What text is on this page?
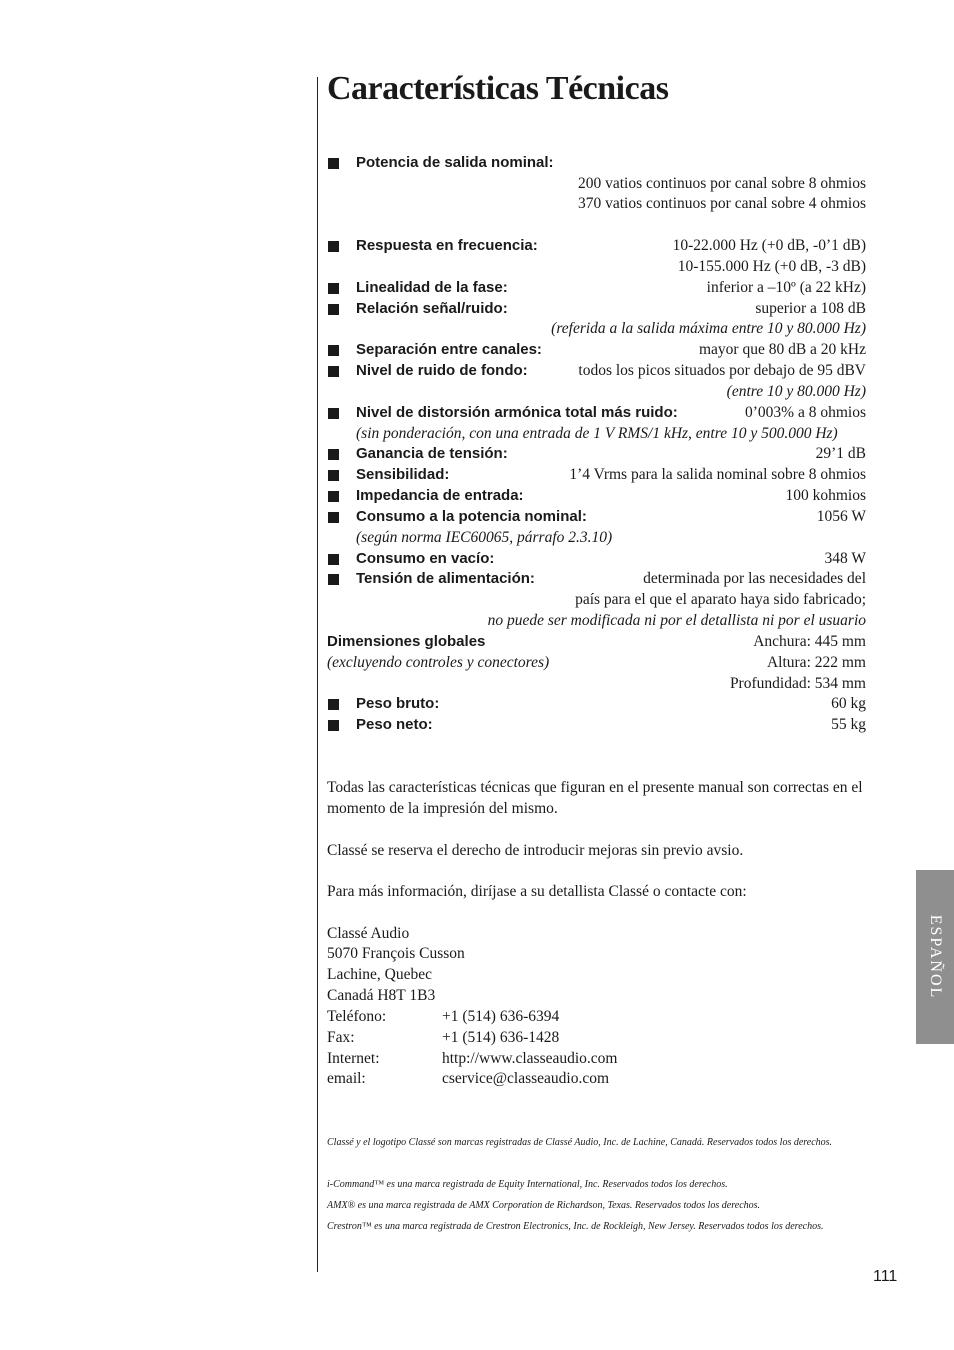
Características Técnicas
Potencia de salida nominal:
200 vatios continuos por canal sobre 8 ohmios
370 vatios continuos por canal sobre 4 ohmios
Respuesta en frecuencia:	10-22.000 Hz (+0 dB, -0’1 dB)
10-155.000 Hz (+0 dB, -3 dB)
Linealidad de la fase:	inferior a –10º (a 22 kHz)
Relación señal/ruido:	superior a 108 dB
(referida a la salida máxima entre 10 y 80.000 Hz)
Separación entre canales:	mayor que 80 dB a 20 kHz
Nivel de ruido de fondo:	todos los picos situados por debajo de 95 dBV
(entre 10 y 80.000 Hz)
Nivel de distorsión armónica total más ruido:	0’003% a 8 ohmios
(sin ponderación, con una entrada de 1 V RMS/1 kHz, entre 10 y 500.000 Hz)
Ganancia de tensión:	29’1 dB
Sensibilidad:	1’4 Vrms para la salida nominal sobre 8 ohmios
Impedancia de entrada:	100 kohmios
Consumo a la potencia nominal:	1056 W
(según norma IEC60065, párrafo 2.3.10)
Consumo en vacío:	348 W
Tensión de alimentación:	determinada por las necesidades del
país para el que el aparato haya sido fabricado;
no puede ser modificada ni por el detallista ni por el usuario
Dimensiones globales	Anchura: 445 mm
(excluyendo controles y conectores)	Altura: 222 mm
Profundidad: 534 mm
Peso bruto:	60 kg
Peso neto:	55 kg
Todas las características técnicas que figuran en el presente manual son correctas en el momento de la impresión del mismo.
Classé se reserva el derecho de introducir mejoras sin previo avsio.
Para más información, diríjase a su detallista Classé o contacte con:
Classé Audio
5070 François Cusson
Lachine, Quebec
Canadá H8T 1B3
Teléfono:	+1 (514) 636-6394
Fax:	+1 (514) 636-1428
Internet:	http://www.classeaudio.com
email:	cservice@classeaudio.com
Classé y el logotipo Classé son marcas registradas de Classé Audio, Inc. de Lachine, Canadá. Reservados todos los derechos.
i-Command™ es una marca registrada de Equity International, Inc. Reservados todos los derechos.
AMX® es una marca registrada de AMX Corporation de Richardson, Texas. Reservados todos los derechos.
Crestron™ es una marca registrada de Crestron Electronics, Inc. de Rockleigh, New Jersey. Reservados todos los derechos.
ESPAÑOL
111
